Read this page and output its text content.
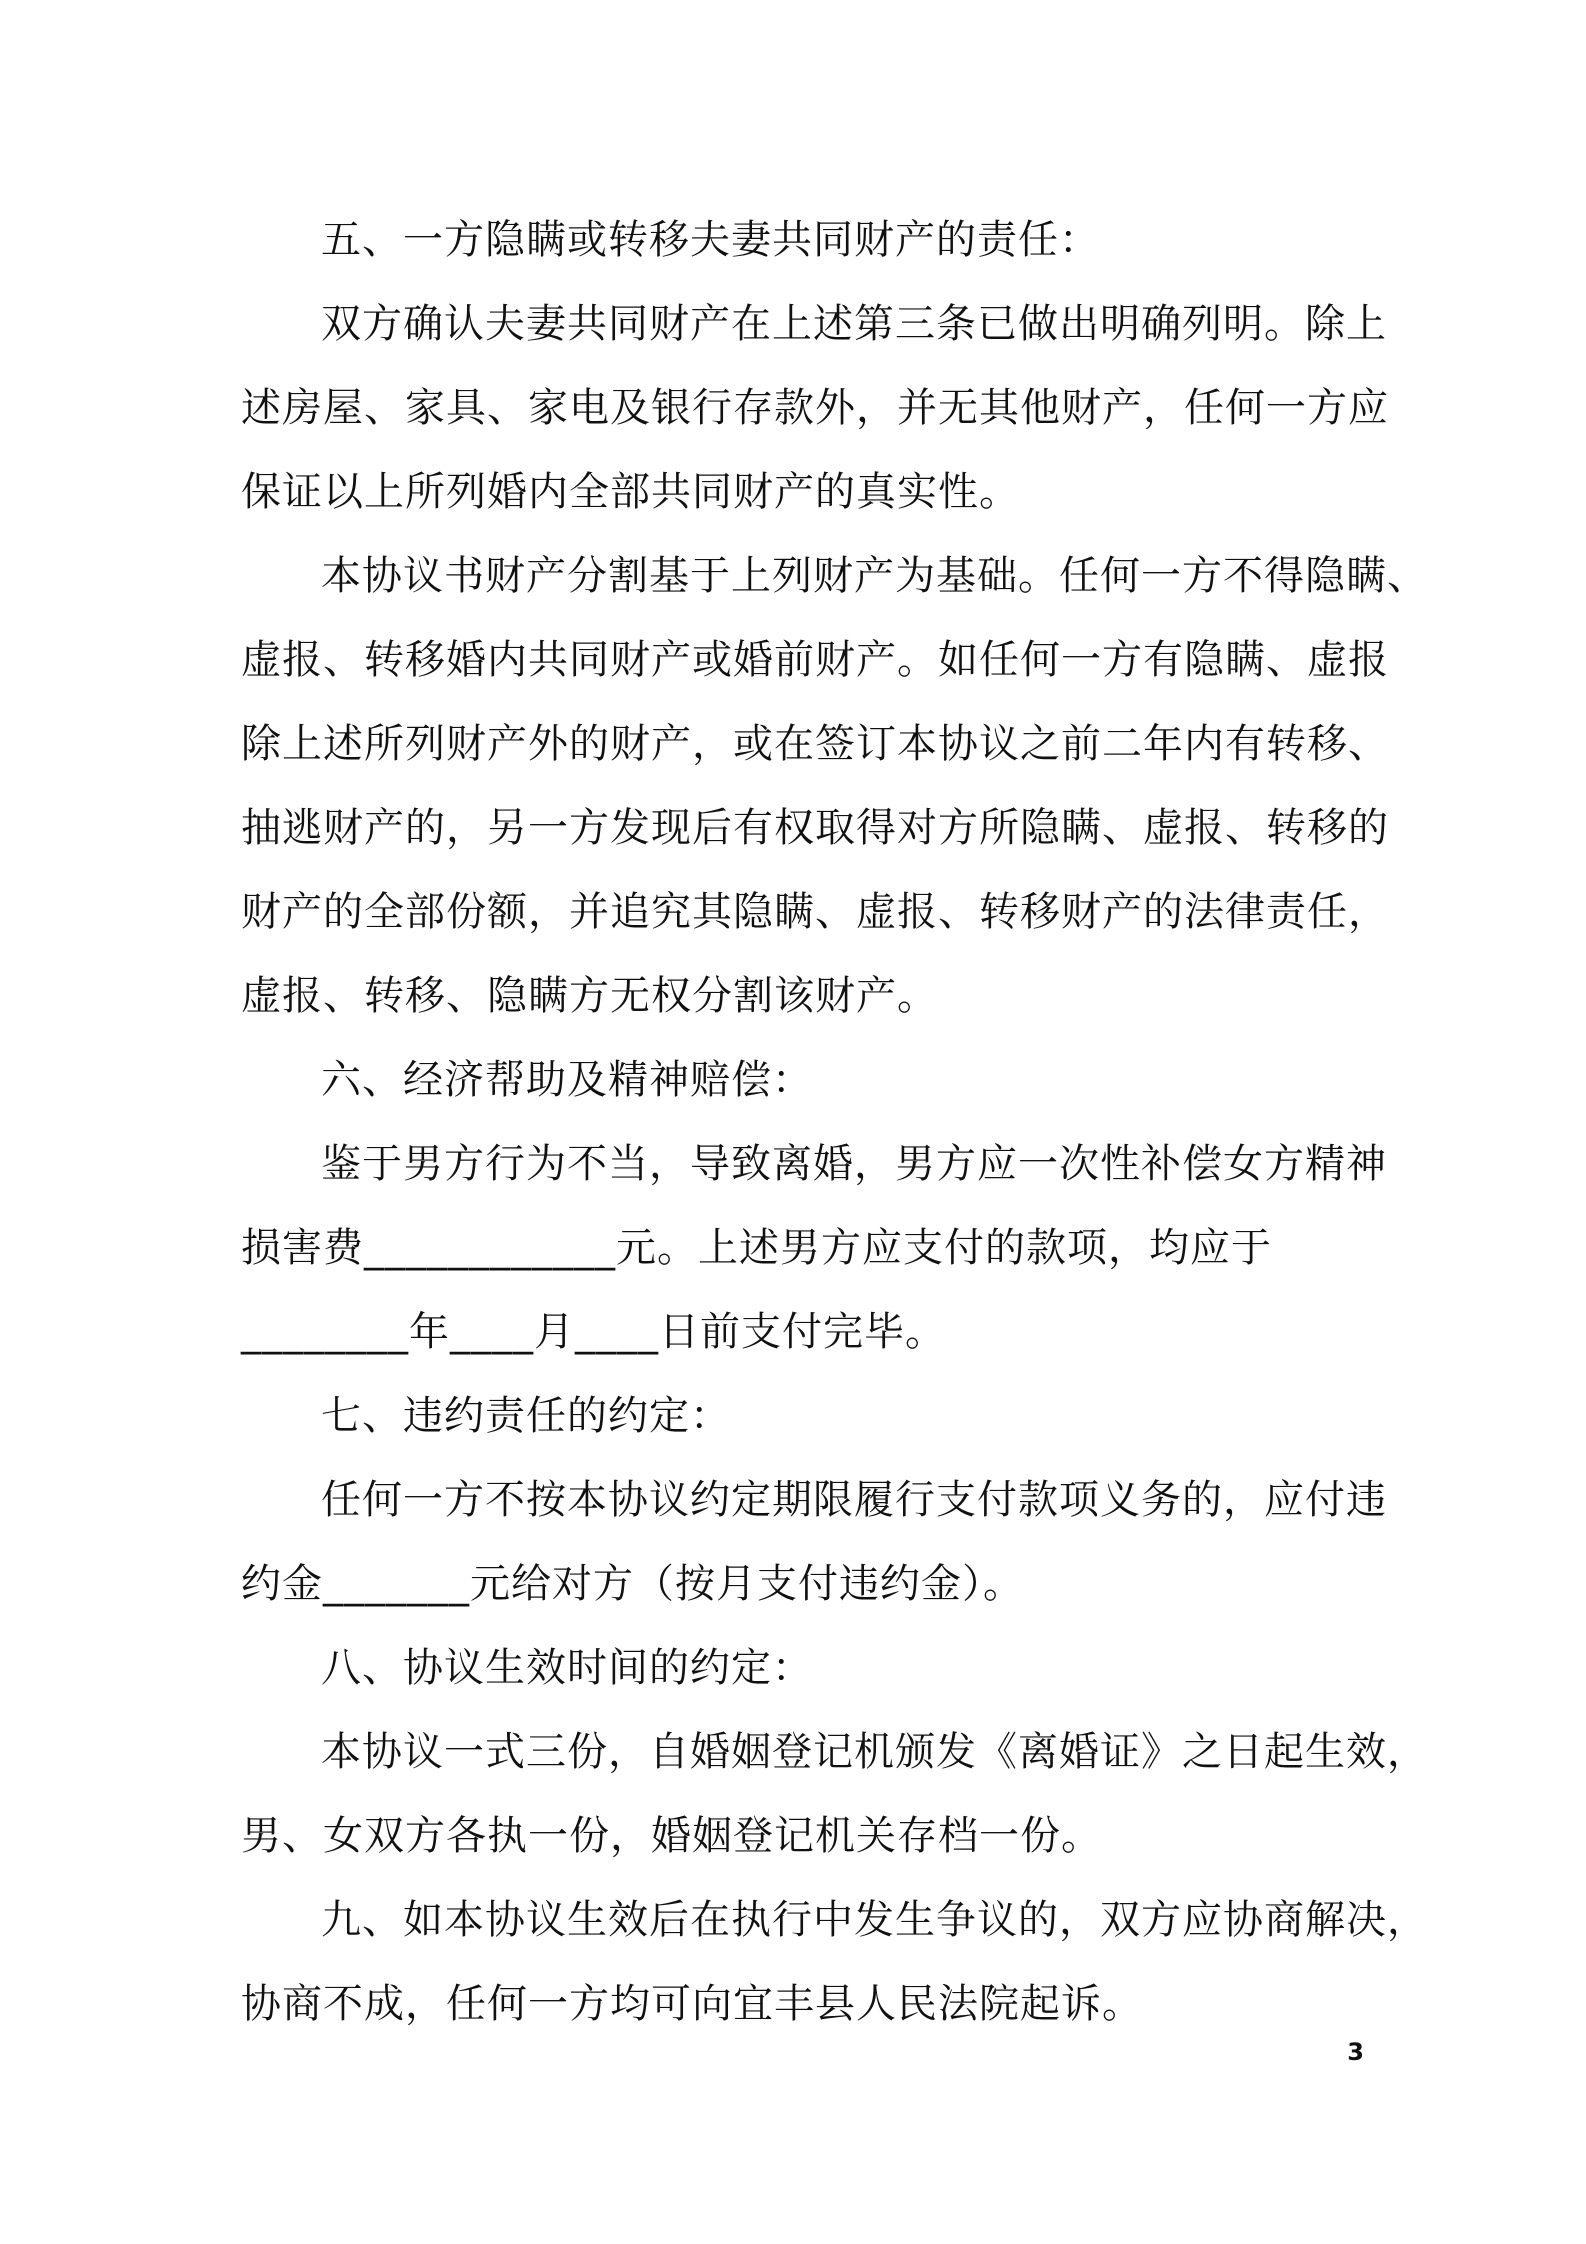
五、一方隐瞒或转移夫妻共同财产的责任：
双方确认夫妻共同财产在上述第三条已做出明确列明。除上
述房屋、家具、家电及银行存款外，并无其他财产，任何一方应
保证以上所列婚内全部共同财产的真实性。
本协议书财产分割基于上列财产为基础。任何一方不得隐瞒、
虚报、转移婚内共同财产或婚前财产。如任何一方有隐瞒、虚报
除上述所列财产外的财产，或在签订本协议之前二年内有转移、
抽逃财产的，另一方发现后有权取得对方所隐瞒、虚报、转移的
财产的全部份额，并追究其隐瞒、虚报、转移财产的法律责任，
虚报、转移、隐瞒方无权分割该财产。
六、经济帮助及精神赔偿：
鉴于男方行为不当，导致离婚，男方应一次性补偿女方精神
损害费____________元。上述男方应支付的款项，均应于
________年____月____日前支付完毕。
七、违约责任的约定：
任何一方不按本协议约定期限履行支付款项义务的，应付违
约金_______元给对方（按月支付违约金）。
八、协议生效时间的约定：
本协议一式三份，自婚姻登记机颁发《离婚证》之日起生效，
男、女双方各执一份，婚姻登记机关存档一份。
九、如本协议生效后在执行中发生争议的，双方应协商解决，
协商不成，任何一方均可向宜丰县人民法院起诉。
3
